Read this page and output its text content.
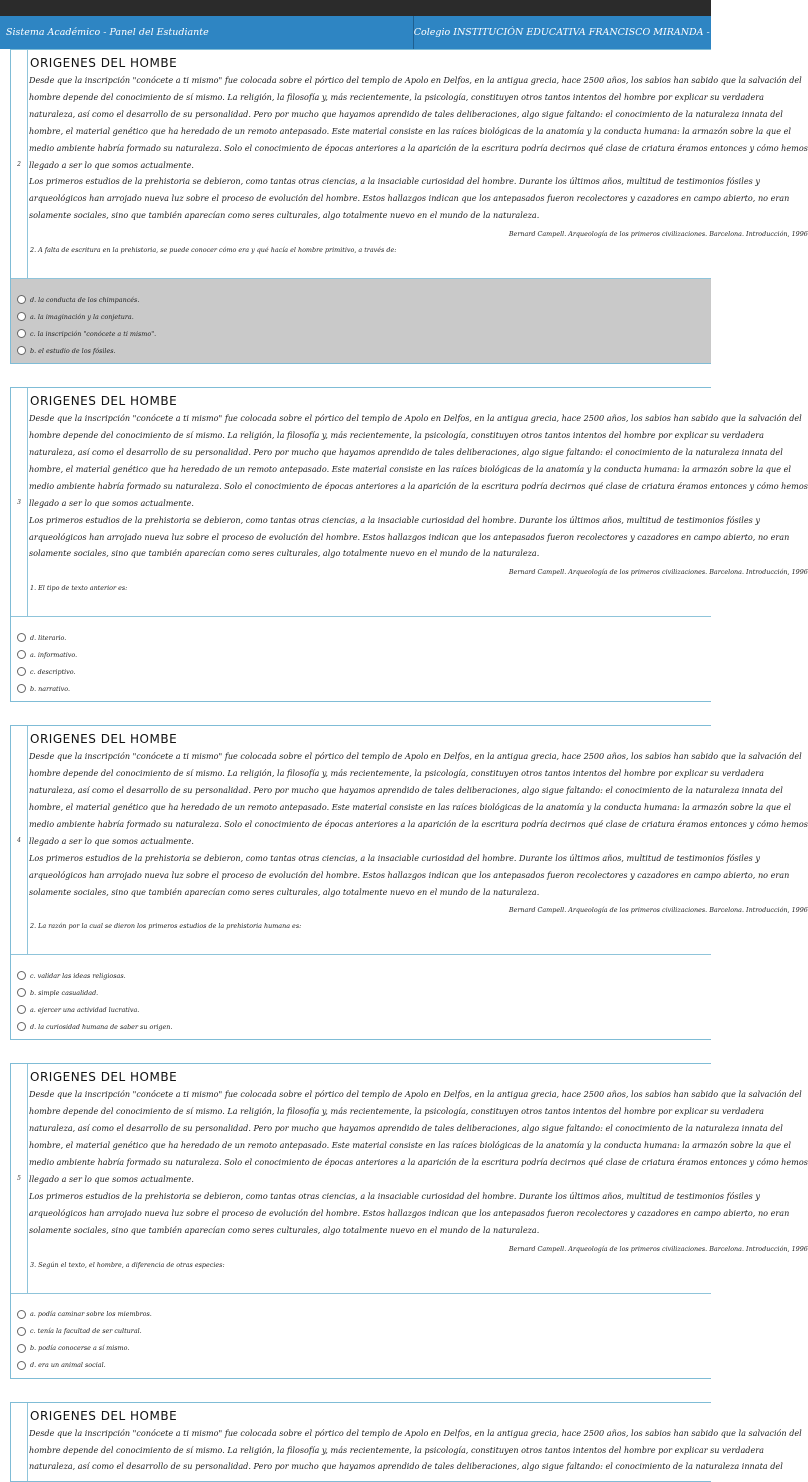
Sistema Académico - Panel del Estudiante	Colegio INSTITUCIÓN EDUCATIVA FRANCISCO MIRANDA - 2025
2
ORIGENES DEL HOMBE

Desde que la inscripción "conócete a ti mismo" fue colocada sobre el pórtico del templo de Apolo en Delfos, en la antigua grecia, hace 2500 años, los sabios han sabido que la salvación del

hombre depende del conocimiento de sí mismo. La religión, la filosofía y, más recientemente, la psicología, constituyen otros tantos intentos del hombre por explicar su verdadera

naturaleza, así como el desarrollo de su personalidad. Pero por mucho que hayamos aprendido de tales deliberaciones, algo sigue faltando: el conocimiento de la naturaleza innata del

hombre, el material genético que ha heredado de un remoto antepasado. Este material consiste en las raíces biológicas de la anatomía y la conducta humana: la armazón sobre la que el

medio ambiente habría formado su naturaleza. Solo el conocimiento de épocas anteriores a la aparición de la escritura podría decirnos qué clase de criatura éramos entonces y cómo hemos

llegado a ser lo que somos actualmente.

Los primeros estudios de la prehistoria se debieron, como tantas otras ciencias, a la insaciable curiosidad del hombre. Durante los últimos años, multitud de testimonios fósiles y

arqueológicos han arrojado nueva luz sobre el proceso de evolución del hombre. Estos hallazgos indican que los antepasados fueron recolectores y cazadores en campo abierto, no eran

solamente sociales, sino que también aparecían como seres culturales, algo totalmente nuevo en el mundo de la naturaleza.

Bernard Campell. Arqueología de los primeros civilizaciones. Barcelona. Introducción, 1996
2. A falta de escritura en la prehistoria, se puede conocer cómo era y qué hacía el hombre primitivo, a través de:
d. la conducta de los chimpancés.
a. la imaginación y la conjetura.
c. la inscripción "conócete a ti mismo".
b. el estudio de los fósiles.
3
ORIGENES DEL HOMBE

Desde que la inscripción "conócete a ti mismo" fue colocada sobre el pórtico del templo de Apolo en Delfos, en la antigua grecia, hace 2500 años, los sabios han sabido que la salvación del

hombre depende del conocimiento de sí mismo. La religión, la filosofía y, más recientemente, la psicología, constituyen otros tantos intentos del hombre por explicar su verdadera

naturaleza, así como el desarrollo de su personalidad. Pero por mucho que hayamos aprendido de tales deliberaciones, algo sigue faltando: el conocimiento de la naturaleza innata del

hombre, el material genético que ha heredado de un remoto antepasado. Este material consiste en las raíces biológicas de la anatomía y la conducta humana: la armazón sobre la que el

medio ambiente habría formado su naturaleza. Solo el conocimiento de épocas anteriores a la aparición de la escritura podría decirnos qué clase de criatura éramos entonces y cómo hemos

llegado a ser lo que somos actualmente.

Los primeros estudios de la prehistoria se debieron, como tantas otras ciencias, a la insaciable curiosidad del hombre. Durante los últimos años, multitud de testimonios fósiles y

arqueológicos han arrojado nueva luz sobre el proceso de evolución del hombre. Estos hallazgos indican que los antepasados fueron recolectores y cazadores en campo abierto, no eran

solamente sociales, sino que también aparecían como seres culturales, algo totalmente nuevo en el mundo de la naturaleza.

Bernard Campell. Arqueología de los primeros civilizaciones. Barcelona. Introducción, 1996
1. El tipo de texto anterior es:
d. literario.
a. informativo.
c. descriptivo.
b. narrativo.
4
ORIGENES DEL HOMBE

Desde que la inscripción "conócete a ti mismo" fue colocada sobre el pórtico del templo de Apolo en Delfos, en la antigua grecia, hace 2500 años, los sabios han sabido que la salvación del

hombre depende del conocimiento de sí mismo. La religión, la filosofía y, más recientemente, la psicología, constituyen otros tantos intentos del hombre por explicar su verdadera

naturaleza, así como el desarrollo de su personalidad. Pero por mucho que hayamos aprendido de tales deliberaciones, algo sigue faltando: el conocimiento de la naturaleza innata del

hombre, el material genético que ha heredado de un remoto antepasado. Este material consiste en las raíces biológicas de la anatomía y la conducta humana: la armazón sobre la que el

medio ambiente habría formado su naturaleza. Solo el conocimiento de épocas anteriores a la aparición de la escritura podría decirnos qué clase de criatura éramos entonces y cómo hemos

llegado a ser lo que somos actualmente.

Los primeros estudios de la prehistoria se debieron, como tantas otras ciencias, a la insaciable curiosidad del hombre. Durante los últimos años, multitud de testimonios fósiles y

arqueológicos han arrojado nueva luz sobre el proceso de evolución del hombre. Estos hallazgos indican que los antepasados fueron recolectores y cazadores en campo abierto, no eran

solamente sociales, sino que también aparecían como seres culturales, algo totalmente nuevo en el mundo de la naturaleza.

Bernard Campell. Arqueología de los primeros civilizaciones. Barcelona. Introducción, 1996
2. La razón por la cual se dieron los primeros estudios de la prehistoria humana es:
c. validar las ideas religiosas.
b. simple casualidad.
a. ejercer una actividad lucrativa.
d. la curiosidad humana de saber su origen.
5
ORIGENES DEL HOMBE

Desde que la inscripción "conócete a ti mismo" fue colocada sobre el pórtico del templo de Apolo en Delfos, en la antigua grecia, hace 2500 años, los sabios han sabido que la salvación del

hombre depende del conocimiento de sí mismo. La religión, la filosofía y, más recientemente, la psicología, constituyen otros tantos intentos del hombre por explicar su verdadera

naturaleza, así como el desarrollo de su personalidad. Pero por mucho que hayamos aprendido de tales deliberaciones, algo sigue faltando: el conocimiento de la naturaleza innata del

hombre, el material genético que ha heredado de un remoto antepasado. Este material consiste en las raíces biológicas de la anatomía y la conducta humana: la armazón sobre la que el

medio ambiente habría formado su naturaleza. Solo el conocimiento de épocas anteriores a la aparición de la escritura podría decirnos qué clase de criatura éramos entonces y cómo hemos

llegado a ser lo que somos actualmente.

Los primeros estudios de la prehistoria se debieron, como tantas otras ciencias, a la insaciable curiosidad del hombre. Durante los últimos años, multitud de testimonios fósiles y

arqueológicos han arrojado nueva luz sobre el proceso de evolución del hombre. Estos hallazgos indican que los antepasados fueron recolectores y cazadores en campo abierto, no eran

solamente sociales, sino que también aparecían como seres culturales, algo totalmente nuevo en el mundo de la naturaleza.

Bernard Campell. Arqueología de los primeros civilizaciones. Barcelona. Introducción, 1996
3. Según el texto, el hombre, a diferencia de otras especies:
a. podía caminar sobre los miembros.
c. tenía la facultad de ser cultural.
b. podía conocerse a sí mismo.
d. era un animal social.
ORIGENES DEL HOMBE

Desde que la inscripción "conócete a ti mismo" fue colocada sobre el pórtico del templo de Apolo en Delfos, en la antigua grecia, hace 2500 años, los sabios han sabido que la salvación del

hombre depende del conocimiento de sí mismo. La religión, la filosofía y, más recientemente, la psicología, constituyen otros tantos intentos del hombre por explicar su verdadera

naturaleza, así como el desarrollo de su personalidad. Pero por mucho que hayamos aprendido de tales deliberaciones, algo sigue faltando: el conocimiento de la naturaleza innata del
